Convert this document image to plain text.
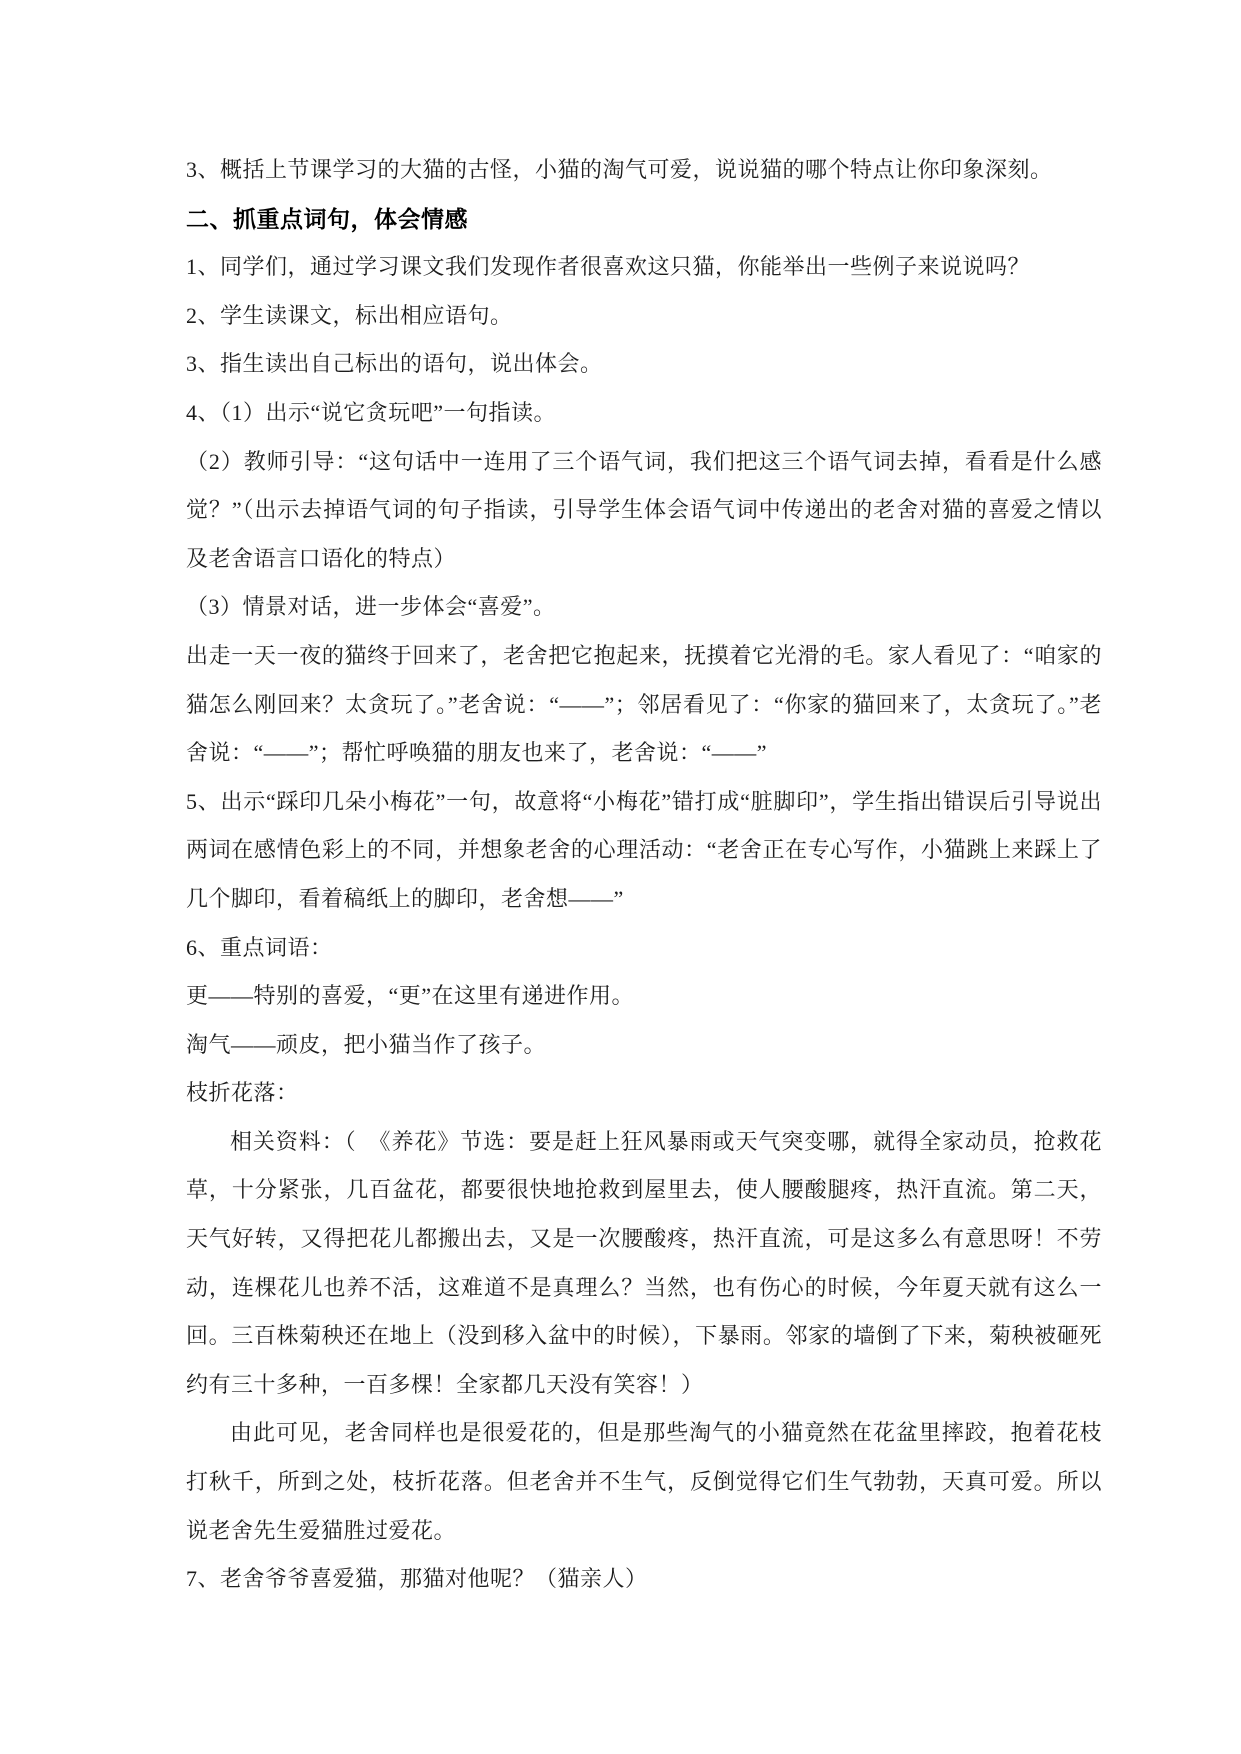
3、概括上节课学习的大猫的古怪，小猫的淘气可爱，说说猫的哪个特点让你印象深刻。

二、抓重点词句，体会情感

1、同学们，通过学习课文我们发现作者很喜欢这只猫，你能举出一些例子来说说吗？

2、学生读课文，标出相应语句。

3、指生读出自己标出的语句，说出体会。

4、（1）出示“说它贪玩吧”一句指读。

（2）教师引导：“这句话中一连用了三个语气词，我们把这三个语气词去掉，看看是什么感觉？”（出示去掉语气词的句子指读，引导学生体会语气词中传递出的老舍对猫的喜爱之情以及老舍语言口语化的特点）

（3）情景对话，进一步体会“喜爱”。

出走一天一夜的猫终于回来了，老舍把它抱起来，抚摸着它光滑的毛。家人看见了：“咱家的猫怎么刚回来？太贪玩了。”老舍说：“——”；邻居看见了：“你家的猫回来了，太贪玩了。”老舍说：“——”；帮忙呼唤猫的朋友也来了，老舍说：“——”

5、出示“踩印几朵小梅花”一句，故意将“小梅花”错打成“脏脚印”，学生指出错误后引导说出两词在感情色彩上的不同，并想象老舍的心理活动：“老舍正在专心写作，小猫跳上来踩上了几个脚印，看着稿纸上的脚印，老舍想——”

6、重点词语：

更——特别的喜爱，“更”在这里有递进作用。

淘气——顽皮，把小猫当作了孩子。

枝折花落：

相关资料：（　《养花》节选：要是赶上狂风暴雨或天气突变哪，就得全家动员，抢救花草，十分紧张，几百盆花，都要很快地抢救到屋里去，使人腰酸腿疼，热汗直流。第二天，天气好转，又得把花儿都搬出去，又是一次腰酸疼，热汗直流，可是这多么有意思呀！不劳动，连棵花儿也养不活，这难道不是真理么？当然，也有伤心的时候，今年夏天就有这么一回。三百株菊秧还在地上（没到移入盆中的时候），下暴雨。邻家的墙倒了下来，菊秧被砸死约有三十多种，一百多棵！全家都几天没有笑容！）

由此可见，老舍同样也是很爱花的，但是那些淘气的小猫竟然在花盆里摔跤，抱着花枝打秋千，所到之处，枝折花落。但老舍并不生气，反倒觉得它们生气勃勃，天真可爱。所以说老舍先生爱猫胜过爱花。

7、老舍爷爷喜爱猫，那猫对他呢？（猫亲人）
